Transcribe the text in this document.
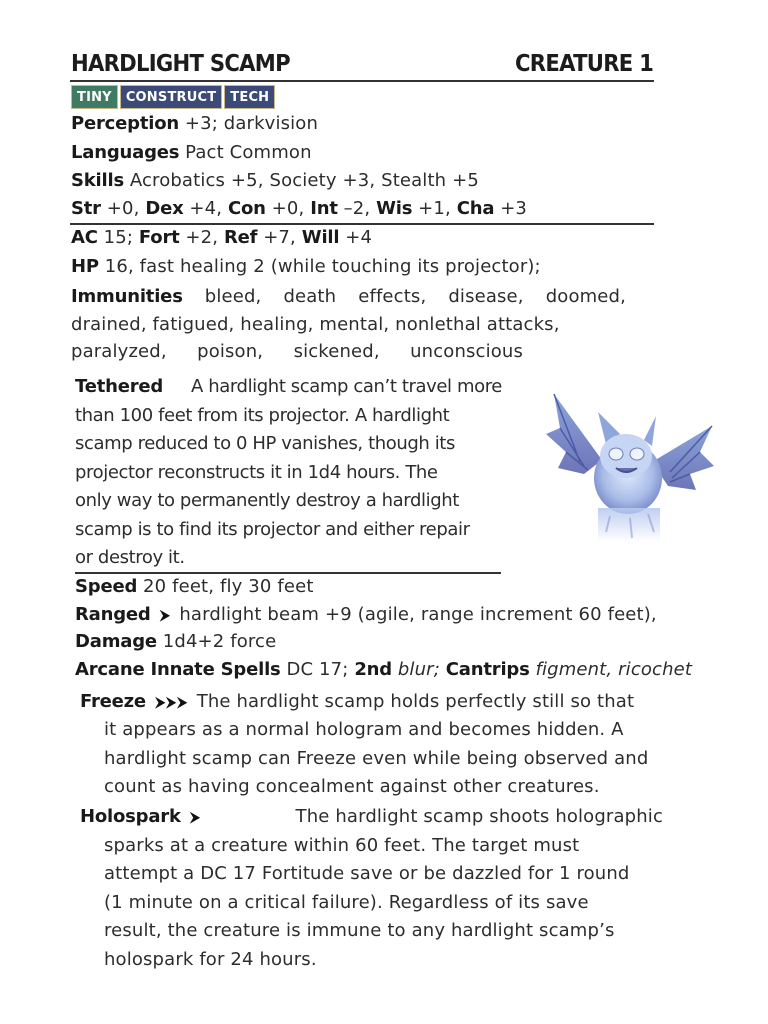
HARDLIGHT SCAMP	CREATURE 1
TINY	CONSTRUCT	TECH
Perception +3; darkvision
Languages Pact Common
Skills Acrobatics +5, Society +3, Stealth +5
Str +0, Dex +4, Con +0, Int –2, Wis +1, Cha +3
AC 15; Fort +2, Ref +7, Will +4
HP 16, fast healing 2 (while touching its projector);
Immunities bleed, death effects, disease, doomed,
drained, fatigued, healing, mental, nonlethal attacks,
paralyzed, poison, sickened, unconscious
Tethered A hardlight scamp can’t travel more
than 100 feet from its projector. A hardlight
scamp reduced to 0 HP vanishes, though its
projector reconstructs it in 1d4 hours. The
only way to permanently destroy a hardlight
scamp is to find its projector and either repair
or destroy it.
Speed 20 feet, fly 30 feet
Ranged ⮞ hardlight beam +9 (agile, range increment 60 feet),
Damage 1d4+2 force
Arcane Innate Spells DC 17; 2nd blur; Cantrips figment, ricochet
Freeze ⮞⮞⮞ The hardlight scamp holds perfectly still so that
it appears as a normal hologram and becomes hidden. A
hardlight scamp can Freeze even while being observed and
count as having concealment against other creatures.
Holospark ⮞	The hardlight scamp shoots holographic
sparks at a creature within 60 feet. The target must
attempt a DC 17 Fortitude save or be dazzled for 1 round
(1 minute on a critical failure). Regardless of its save
result, the creature is immune to any hardlight scamp’s
holospark for 24 hours.
